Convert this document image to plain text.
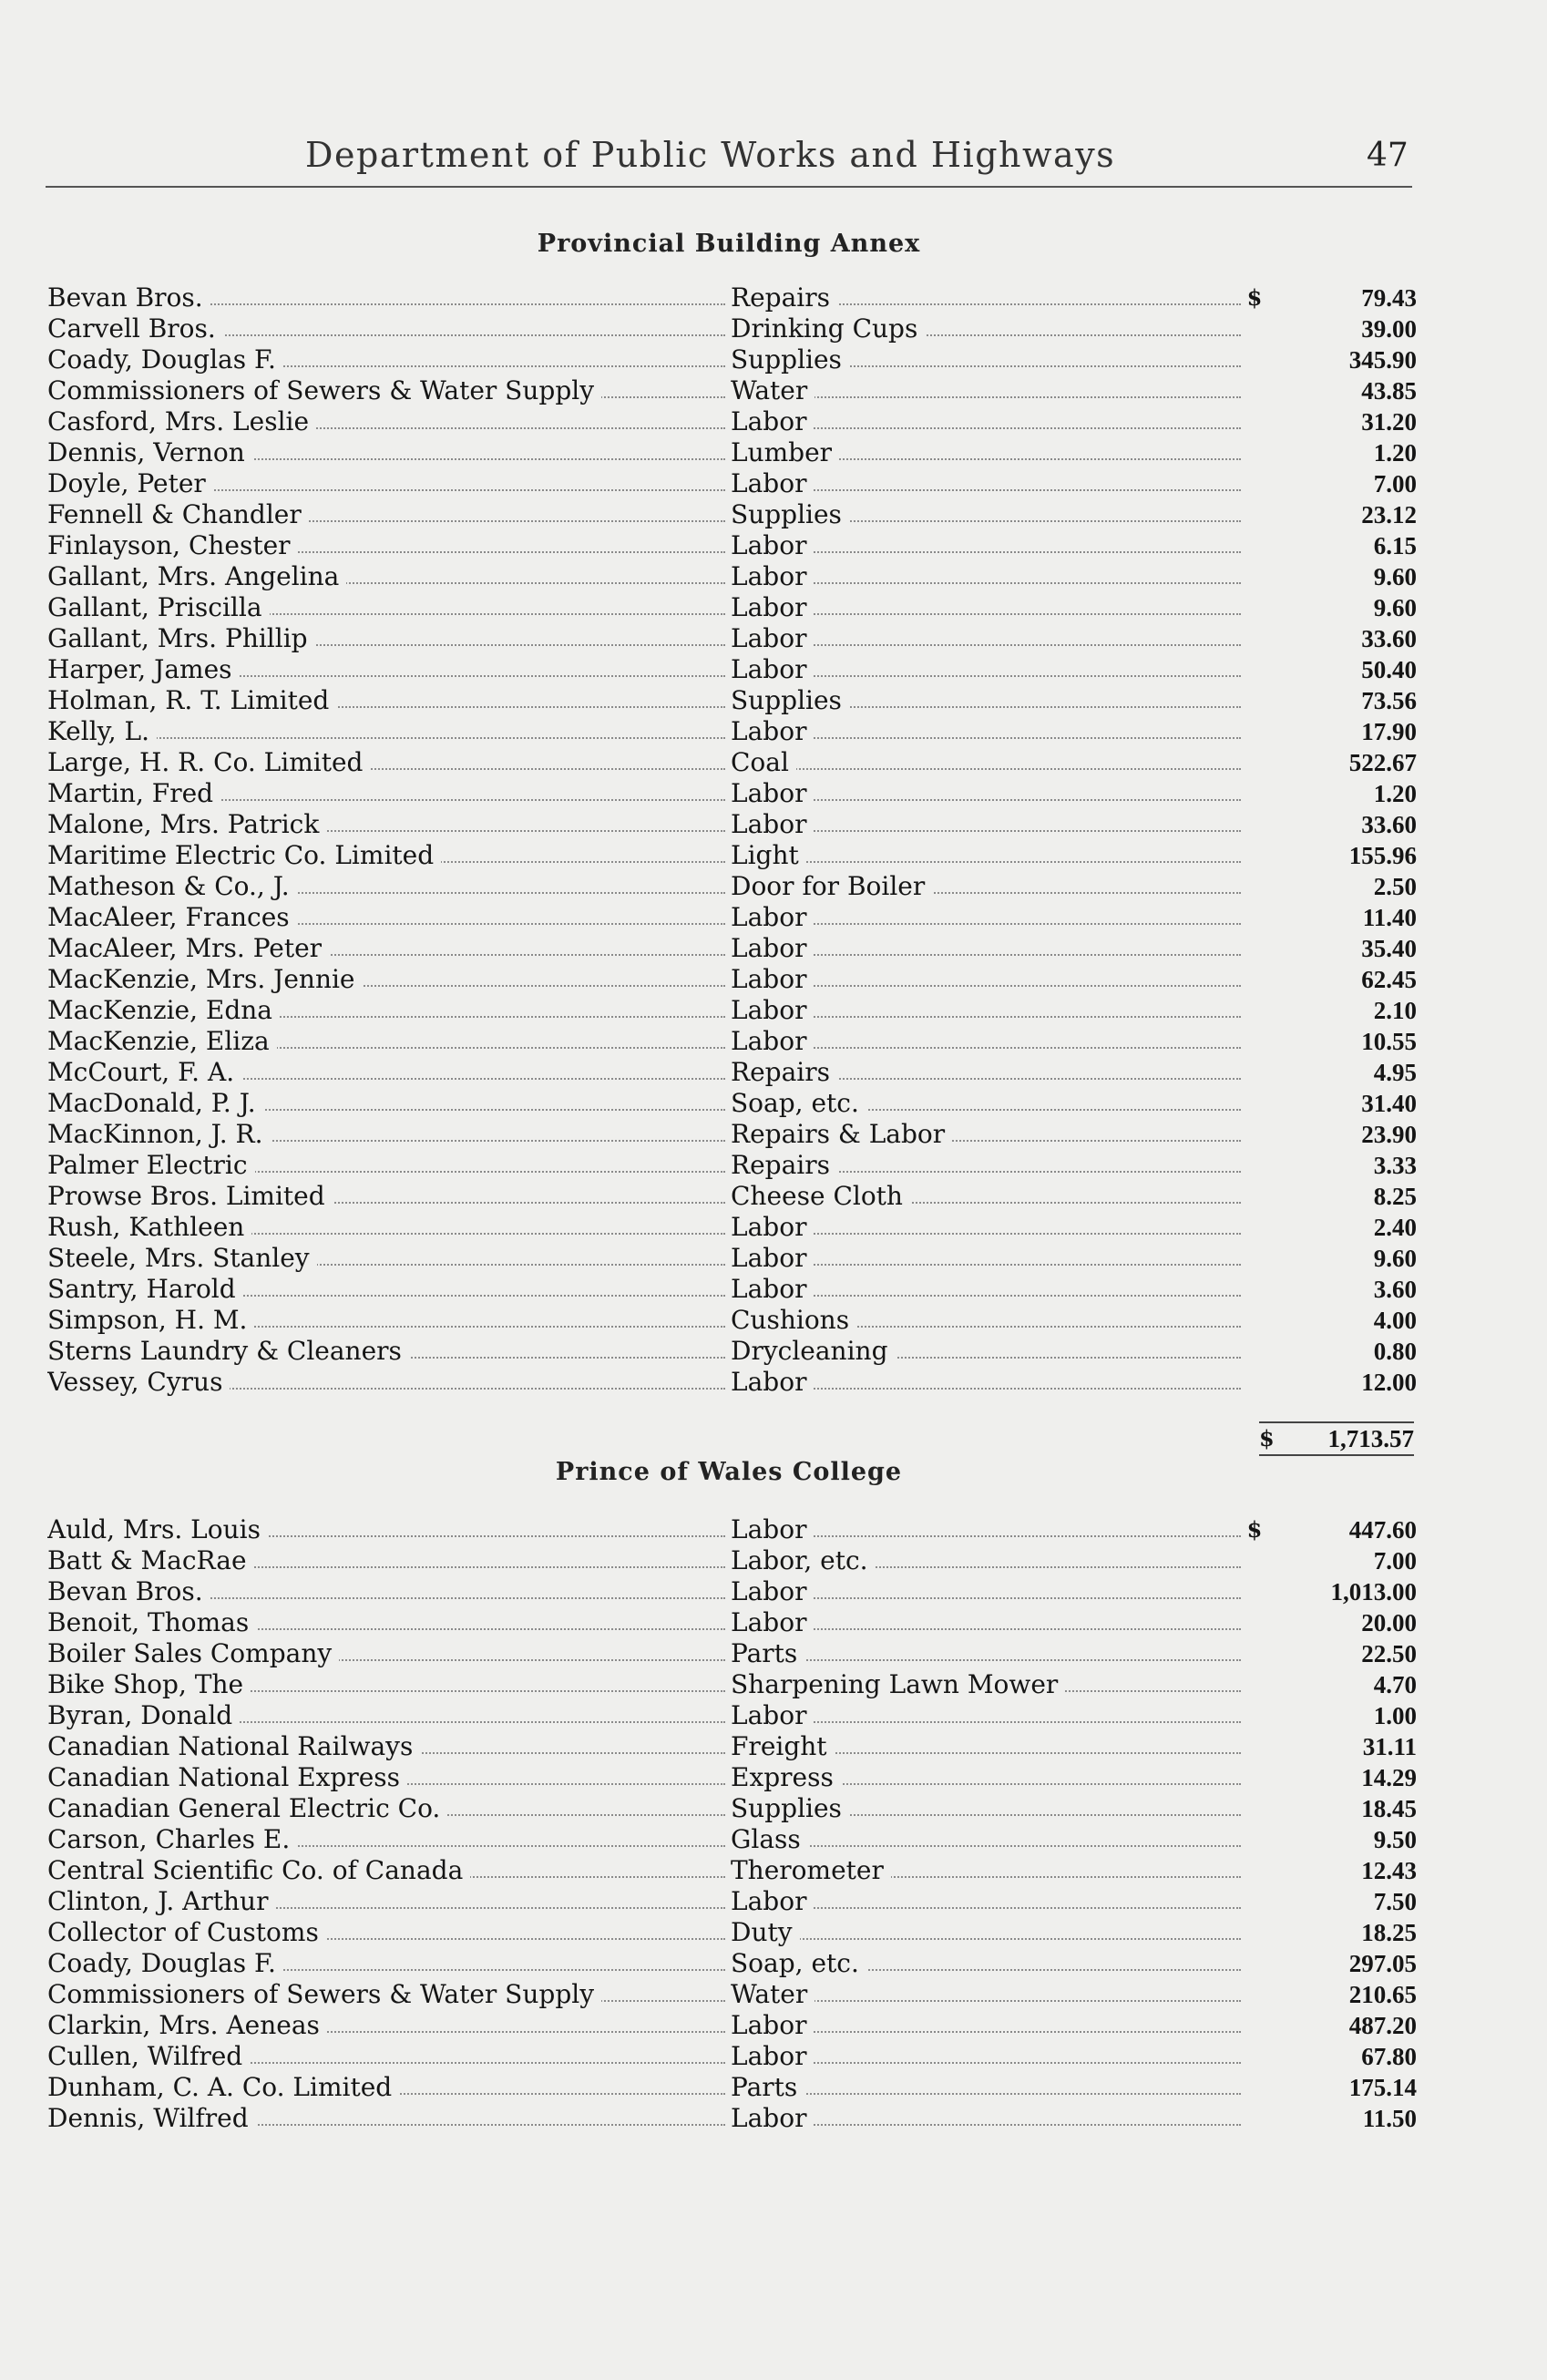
Department of Public Works and Highways	47
Provincial Building Annex
Bevan Bros.	Repairs	$	79.43
Carvell Bros.	Drinking Cups	39.00
Coady, Douglas F.	Supplies	345.90
Commissioners of Sewers & Water Supply	Water	43.85
Casford, Mrs. Leslie	Labor	31.20
Dennis, Vernon	Lumber	1.20
Doyle, Peter	Labor	7.00
Fennell & Chandler	Supplies	23.12
Finlayson, Chester	Labor	6.15
Gallant, Mrs. Angelina	Labor	9.60
Gallant, Priscilla	Labor	9.60
Gallant, Mrs. Phillip	Labor	33.60
Harper, James	Labor	50.40
Holman, R. T. Limited	Supplies	73.56
Kelly, L.	Labor	17.90
Large, H. R. Co. Limited	Coal	522.67
Martin, Fred	Labor	1.20
Malone, Mrs. Patrick	Labor	33.60
Maritime Electric Co. Limited	Light	155.96
Matheson & Co., J.	Door for Boiler	2.50
MacAleer, Frances	Labor	11.40
MacAleer, Mrs. Peter	Labor	35.40
MacKenzie, Mrs. Jennie	Labor	62.45
MacKenzie, Edna	Labor	2.10
MacKenzie, Eliza	Labor	10.55
McCourt, F. A.	Repairs	4.95
MacDonald, P. J.	Soap, etc.	31.40
MacKinnon, J. R.	Repairs & Labor	23.90
Palmer Electric	Repairs	3.33
Prowse Bros. Limited	Cheese Cloth	8.25
Rush, Kathleen	Labor	2.40
Steele, Mrs. Stanley	Labor	9.60
Santry, Harold	Labor	3.60
Simpson, H. M.	Cushions	4.00
Sterns Laundry & Cleaners	Drycleaning	0.80
Vessey, Cyrus	Labor	12.00
$ 1,713.57
Prince of Wales College
Auld, Mrs. Louis	Labor	$	447.60
Batt & MacRae	Labor, etc.	7.00
Bevan Bros.	Labor	1,013.00
Benoit, Thomas	Labor	20.00
Boiler Sales Company	Parts	22.50
Bike Shop, The	Sharpening Lawn Mower	4.70
Byran, Donald	Labor	1.00
Canadian National Railways	Freight	31.11
Canadian National Express	Express	14.29
Canadian General Electric Co.	Supplies	18.45
Carson, Charles E.	Glass	9.50
Central Scientific Co. of Canada	Therometer	12.43
Clinton, J. Arthur	Labor	7.50
Collector of Customs	Duty	18.25
Coady, Douglas F.	Soap, etc.	297.05
Commissioners of Sewers & Water Supply	Water	210.65
Clarkin, Mrs. Aeneas	Labor	487.20
Cullen, Wilfred	Labor	67.80
Dunham, C. A. Co. Limited	Parts	175.14
Dennis, Wilfred	Labor	11.50
